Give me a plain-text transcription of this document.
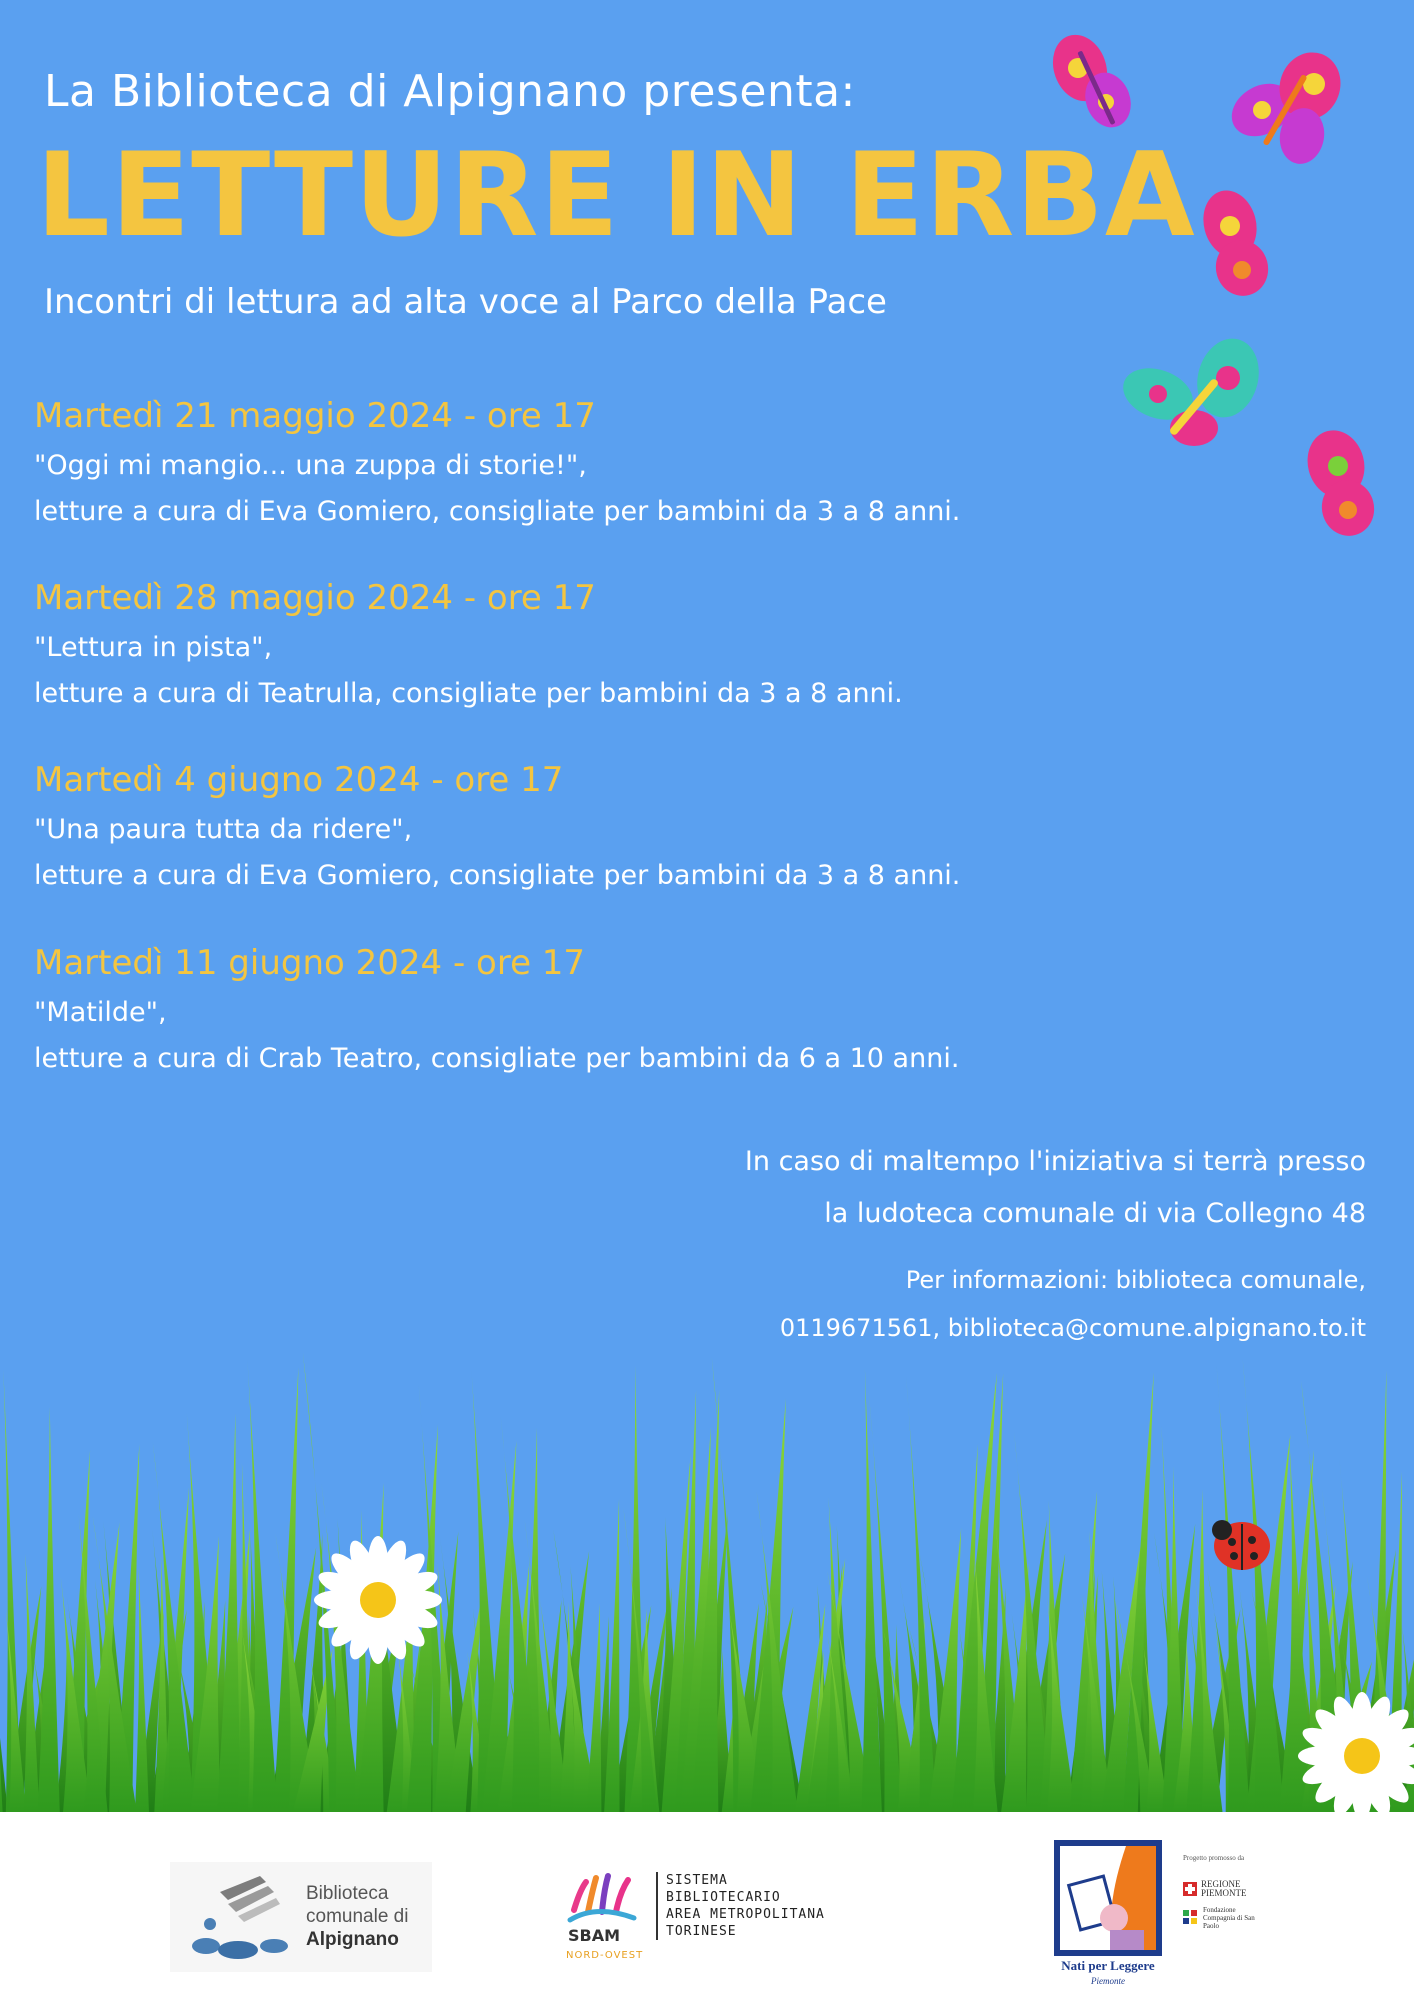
La Biblioteca di Alpignano presenta:
LETTURE IN ERBA
Incontri di lettura ad alta voce al Parco della Pace
Martedì 21 maggio 2024 - ore 17
"Oggi mi mangio... una zuppa di storie!",
letture a cura di Eva Gomiero, consigliate per bambini da 3 a 8 anni.
Martedì 28 maggio 2024 - ore 17
"Lettura in pista",
letture a cura di Teatrulla, consigliate per bambini da 3 a 8 anni.
Martedì 4 giugno 2024 - ore 17
"Una paura tutta da ridere",
letture a cura di Eva Gomiero, consigliate per bambini da 3 a 8 anni.
Martedì 11 giugno 2024 - ore 17
"Matilde",
letture a cura di Crab Teatro, consigliate per bambini da 6 a 10 anni.
In caso di maltempo l'iniziativa si terrà presso
la ludoteca comunale di via Collegno 48
Per informazioni: biblioteca comunale,
0119671561, biblioteca@comune.alpignano.to.it
Biblioteca
comunale di
Alpignano	SBAM
NORD-OVEST
SISTEMA
BIBLIOTECARIO
AREA METROPOLITANA
TORINESE
Nati per Leggere
Piemonte
Progetto promosso da
REGIONE PIEMONTE
Fondazione Compagnia di San Paolo
